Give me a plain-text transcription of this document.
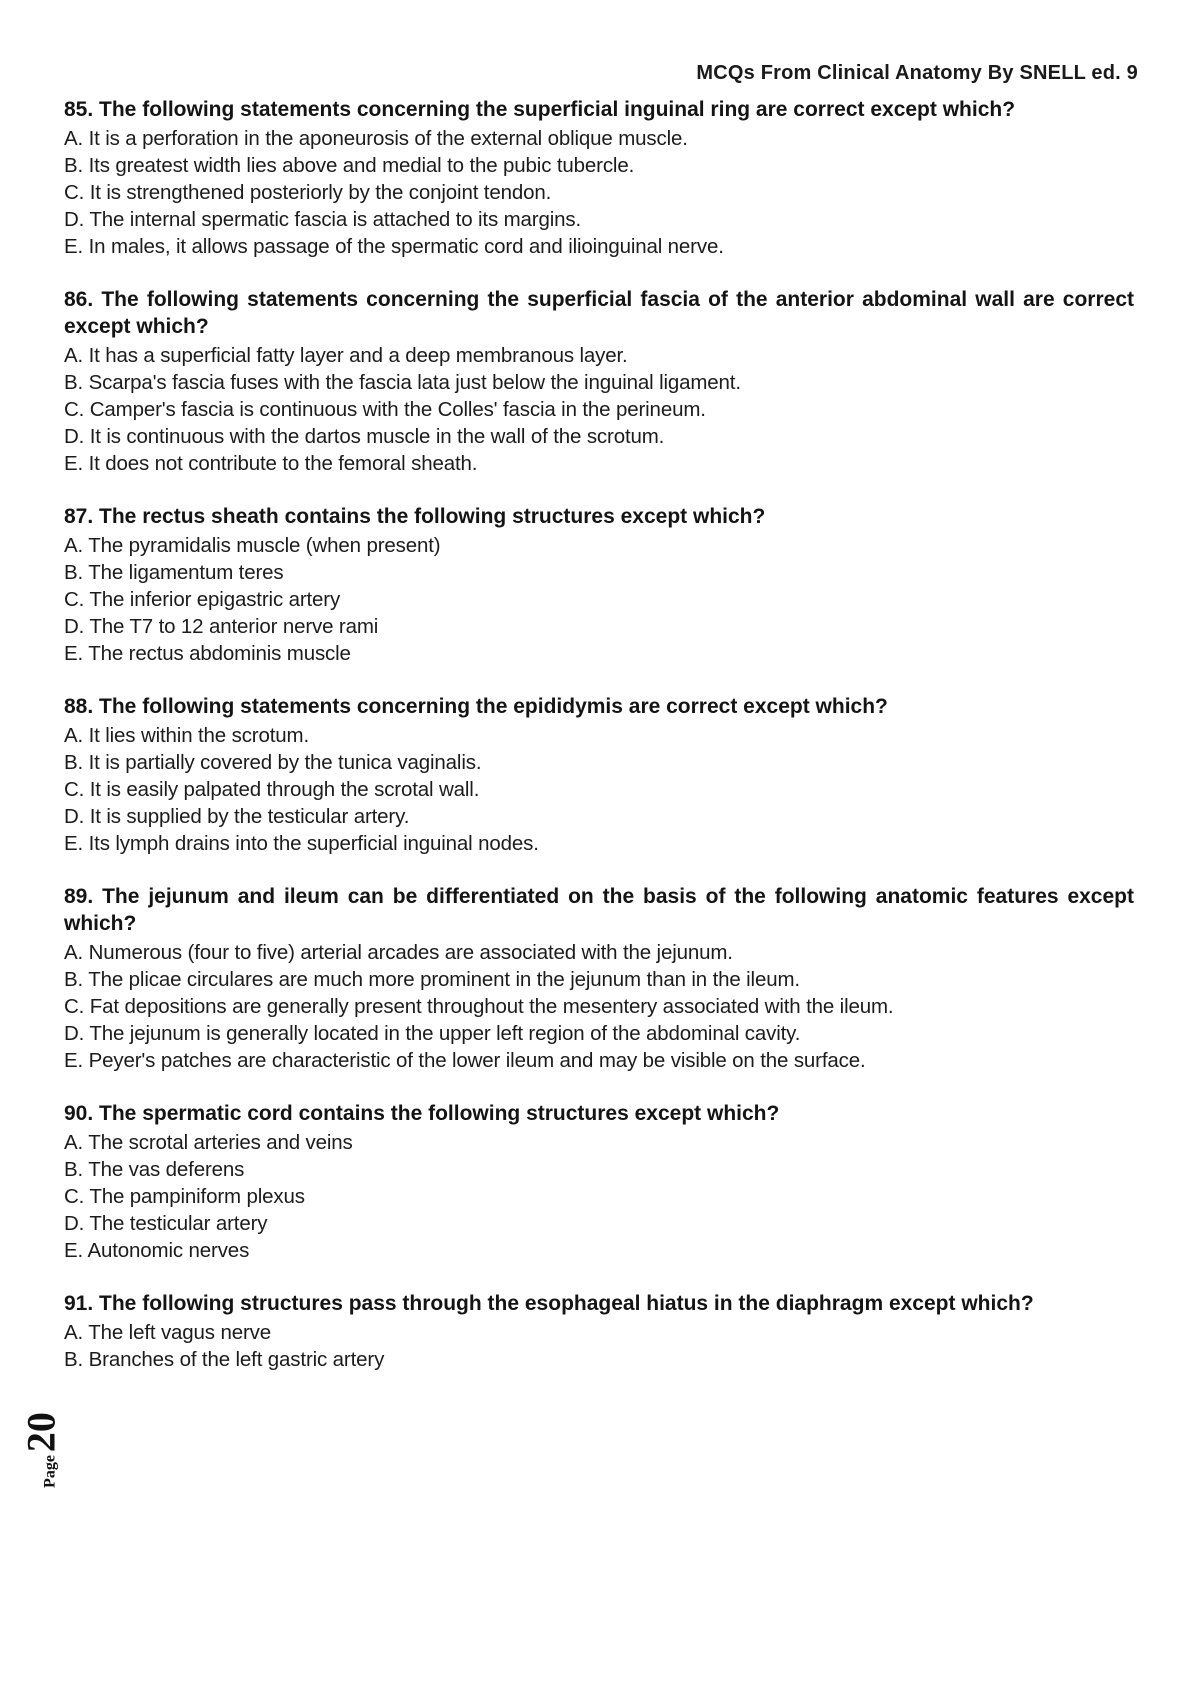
MCQs From Clinical Anatomy By SNELL ed. 9

85. The following statements concerning the superficial inguinal ring are correct except which?

A. It is a perforation in the aponeurosis of the external oblique muscle.
B. Its greatest width lies above and medial to the pubic tubercle.
C. It is strengthened posteriorly by the conjoint tendon.
D. The internal spermatic fascia is attached to its margins.
E. In males, it allows passage of the spermatic cord and ilioinguinal nerve.

86. The following statements concerning the superficial fascia of the anterior abdominal wall are correct except which?

A. It has a superficial fatty layer and a deep membranous layer.
B. Scarpa's fascia fuses with the fascia lata just below the inguinal ligament.
C. Camper's fascia is continuous with the Colles' fascia in the perineum.
D. It is continuous with the dartos muscle in the wall of the scrotum.
E. It does not contribute to the femoral sheath.

87. The rectus sheath contains the following structures except which?

A. The pyramidalis muscle (when present)
B. The ligamentum teres
C. The inferior epigastric artery
D. The T7 to 12 anterior nerve rami
E. The rectus abdominis muscle

88. The following statements concerning the epididymis are correct except which?

A. It lies within the scrotum.
B. It is partially covered by the tunica vaginalis.
C. It is easily palpated through the scrotal wall.
D. It is supplied by the testicular artery.
E. Its lymph drains into the superficial inguinal nodes.

89. The jejunum and ileum can be differentiated on the basis of the following anatomic features except which?

A. Numerous (four to five) arterial arcades are associated with the jejunum.
B. The plicae circulares are much more prominent in the jejunum than in the ileum.
C. Fat depositions are generally present throughout the mesentery associated with the ileum.
D. The jejunum is generally located in the upper left region of the abdominal cavity.
E. Peyer's patches are characteristic of the lower ileum and may be visible on the surface.

90. The spermatic cord contains the following structures except which?

A. The scrotal arteries and veins
B. The vas deferens
C. The pampiniform plexus
D. The testicular artery
E. Autonomic nerves

91. The following structures pass through the esophageal hiatus in the diaphragm except which?

A. The left vagus nerve
B. Branches of the left gastric artery
Page
20
